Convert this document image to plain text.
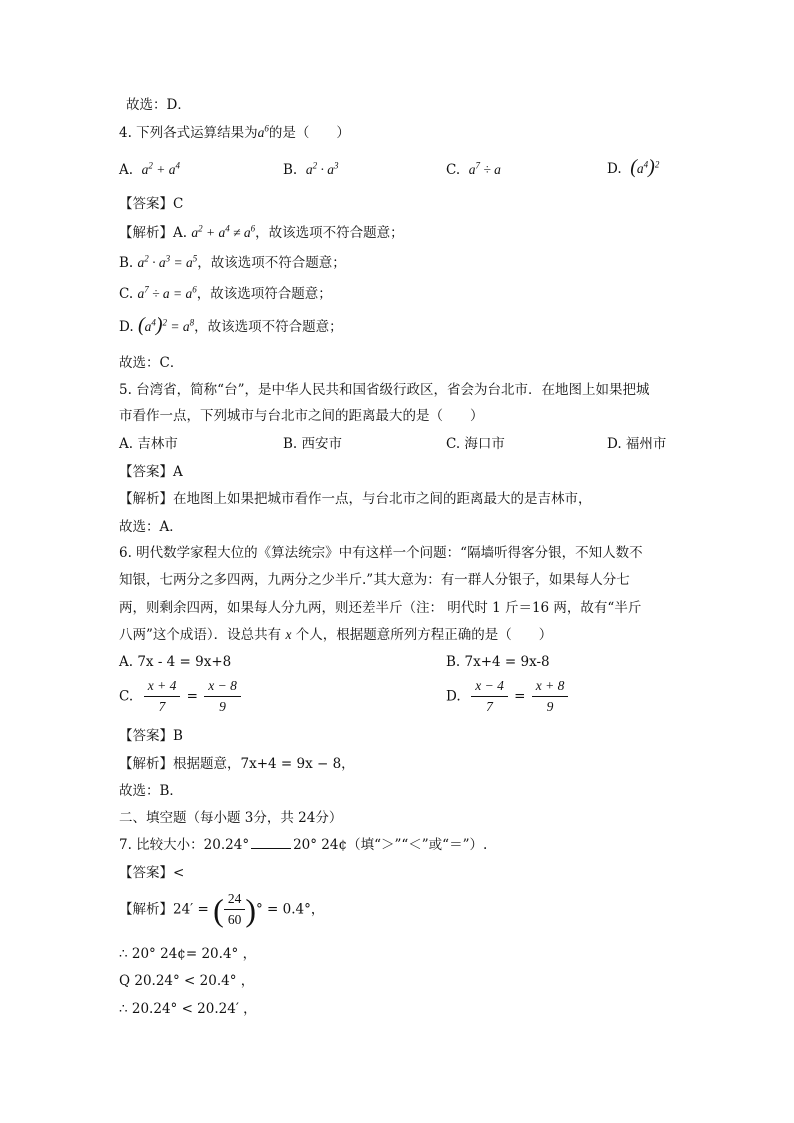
故选：D．
4. 下列各式运算结果为$a^6$的是（　　）
A. $a^2 + a^4$	B. $a^2 \cdot a^3$	C. $a^7 \div a$	D. $(a^4)^2$
【答案】C
【解析】A. $a^2 + a^4 \ne a^6$，故该选项不符合题意；
B. $a^2 \cdot a^3 = a^5$，故该选项不符合题意；
C. $a^7 \div a = a^6$，故该选项符合题意；
D. $(a^4)^2 = a^8$，故该选项不符合题意；
故选：C．
5. 台湾省，简称“台”，是中华人民共和国省级行政区，省会为台北市．在地图上如果把城
市看作一点，下列城市与台北市之间的距离最大的是（　　）
A. 吉林市	B. 西安市	C. 海口市	D. 福州市
【答案】A
【解析】在地图上如果把城市看作一点，与台北市之间的距离最大的是吉林市，
故选：A．
6. 明代数学家程大位的《算法统宗》中有这样一个问题：“隔墙听得客分银，不知人数不
知银，七两分之多四两，九两分之少半斤.”其大意为：有一群人分银子，如果每人分七
两，则剩余四两，如果每人分九两，则还差半斤（注： 明代时 1 斤＝16 两，故有“半斤
八两”这个成语）．设总共有 x 个人，根据题意所列方程正确的是（　　）
A. 7x - 4 = 9x+8	B. 7x+4 = 9x-8
C. $\frac{x + 4}{7} = \frac{x - 8}{9}$	D. $\frac{x - 4}{7} = \frac{x + 8}{9}$
【答案】B
【解析】根据题意，7x+4 = 9x − 8，
故选：B．
二、填空题（每小题 3分，共 24分）
7. 比较大小：20.24°	20° 24¢（填“＞”“＜”或“＝”）.
【答案】<
【解析】24′ = ( $\frac{24}{60}$ )° = 0.4°，
∴ 20° 24¢= 20.4° ，
Q 20.24° < 20.4° ，
∴ 20.24° < 20.24′ ，
